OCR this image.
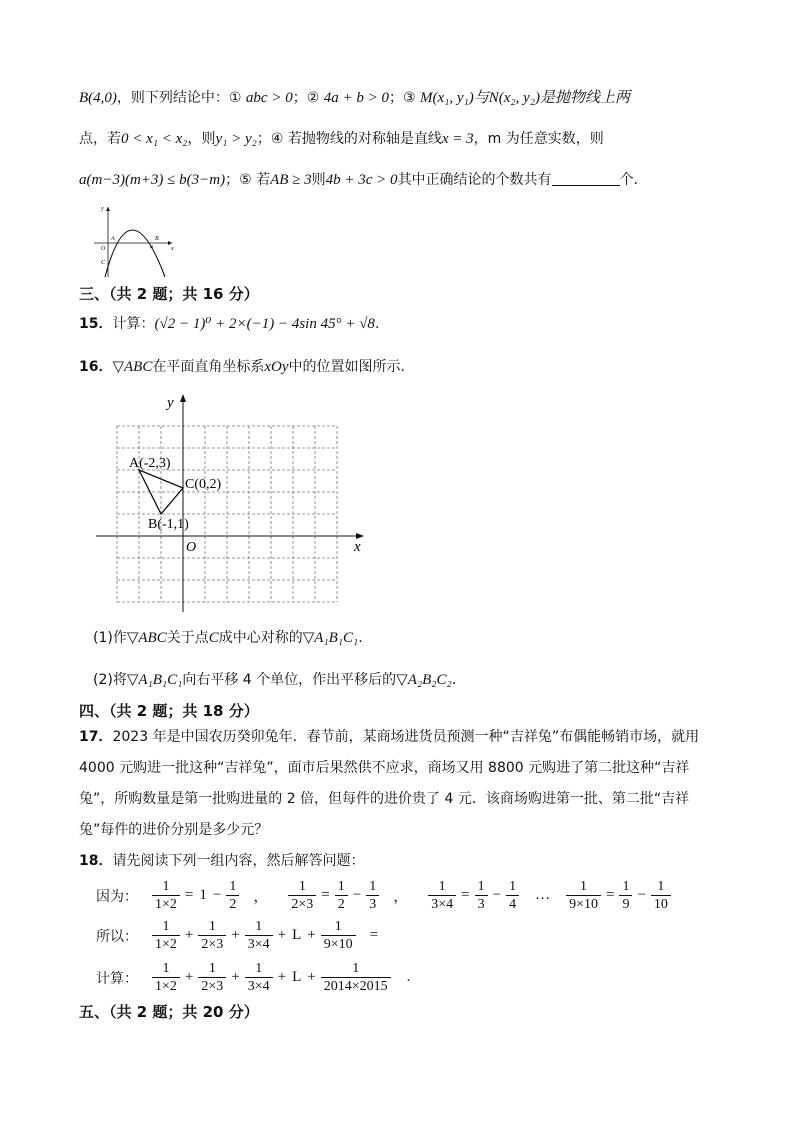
B(4,0)，则下列结论中：① abc > 0；② 4a + b > 0；③ M(x₁, y₁)与N(x₂, y₂)是抛物线上两
点，若0 < x₁ < x₂，则y₁ > y₂；④ 若抛物线的对称轴是直线x = 3，m 为任意实数，则
a(m−3)(m+3) ≤ b(3−m)；⑤ 若AB ≥ 3则4b + 3c > 0其中正确结论的个数共有	个.
y
x
O
A	B
4
C
三、（共 2 题；共 16 分）
15．计算：(√2 − 1)⁰ + 2×(−1) − 4sin 45° + √8.
16．▽ABC在平面直角坐标系xOy中的位置如图所示．
y
x
O
A(-2,3)
C(0,2)
B(-1,1)
(1)作▽ABC关于点C成中心对称的▽A₁B₁C₁.
(2)将▽A₁B₁C₁向右平移 4 个单位，作出平移后的▽A₂B₂C₂.
四、（共 2 题；共 18 分）
17．2023 年是中国农历癸卯兔年．春节前，某商场进货员预测一种“吉祥兔”布偶能畅销市场，就用
4000 元购进一批这种“吉祥兔”，面市后果然供不应求，商场又用 8800 元购进了第二批这种“吉祥
兔”，所购数量是第一批购进量的 2 倍，但每件的进价贵了 4 元．该商场购进第一批、第二批“吉祥
兔”每件的进价分别是多少元？
18．请先阅读下列一组内容，然后解答问题：
因为： $\frac{1}{1\times 2} = 1 - \frac{1}{2}$ ， $\frac{1}{2\times 3} = \frac{1}{2} - \frac{1}{3}$ ， $\frac{1}{3\times 4} = \frac{1}{3} - \frac{1}{4}$ … $\frac{1}{9\times 10} = \frac{1}{9} - \frac{1}{10}$
所以： $\frac{1}{1\times 2} + \frac{1}{2\times 3} + \frac{1}{3\times 4} + L + \frac{1}{9\times 10}$ =
计算： $\frac{1}{1\times 2} + \frac{1}{2\times 3} + \frac{1}{3\times 4} + L + \frac{1}{2014\times 2015}$ .
五、（共 2 题；共 20 分）
